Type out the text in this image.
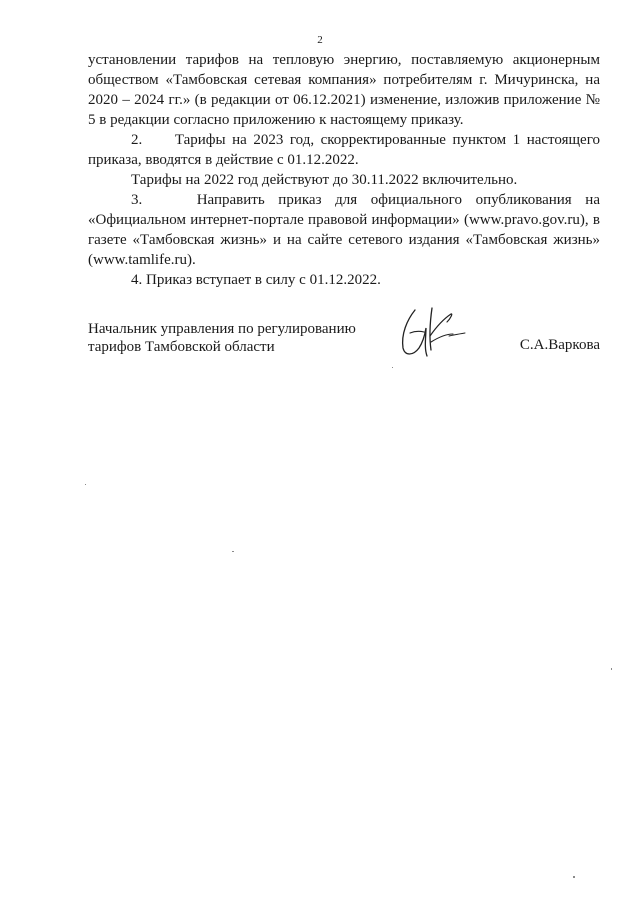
2

установлении тарифов на тепловую энергию, поставляемую акционерным обществом «Тамбовская сетевая компания» потребителям г. Мичуринска, на 2020 – 2024 гг.» (в редакции от 06.12.2021) изменение, изложив приложение № 5 в редакции согласно приложению к настоящему приказу.

2.     Тарифы на 2023 год, скорректированные пунктом 1 настоящего приказа, вводятся в действие с 01.12.2022.

Тарифы на 2022 год действуют до 30.11.2022 включительно.

3.    Направить приказ для официального опубликования на «Официальном интернет-портале правовой информации» (www.pravo.gov.ru), в газете «Тамбовская жизнь» и на сайте сетевого издания «Тамбовская жизнь» (www.tamlife.ru).

4. Приказ вступает в силу с 01.12.2022.

Начальник управления по регулированию
тарифов Тамбовской области	С.А.Варкова
